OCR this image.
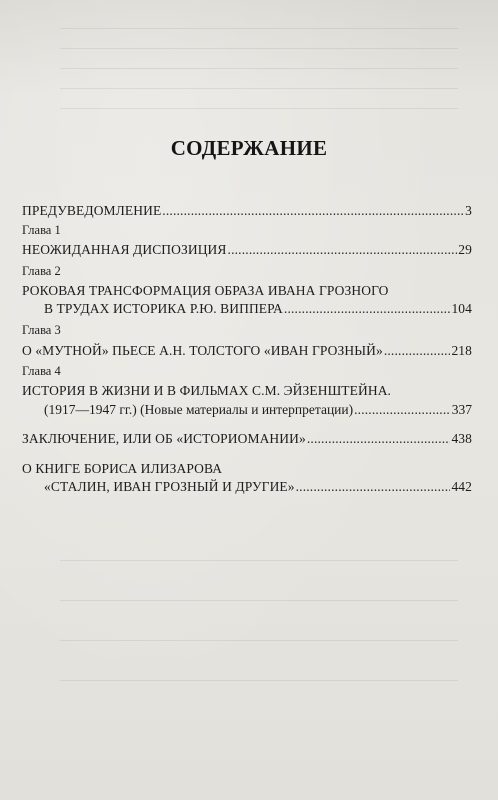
СОДЕРЖАНИЕ
ПРЕДУВЕДОМЛЕНИЕ . . .	3
Глава 1
НЕОЖИДАННАЯ ДИСПОЗИЦИЯ . . .	29
Глава 2
РОКОВАЯ ТРАНСФОРМАЦИЯ ОБРАЗА ИВАНА ГРОЗНОГО
В ТРУДАХ ИСТОРИКА Р.Ю. ВИППЕРА . . .	104
Глава 3
О «МУТНОЙ» ПЬЕСЕ А.Н. ТОЛСТОГО «ИВАН ГРОЗНЫЙ» . . .	218
Глава 4
ИСТОРИЯ В ЖИЗНИ И В ФИЛЬМАХ С.М. ЭЙЗЕНШТЕЙНА.
(1917—1947 гг.) (Новые материалы и интерпретации) . . .	337
ЗАКЛЮЧЕНИЕ, ИЛИ ОБ «ИСТОРИОМАНИИ» . . .	438
О КНИГЕ БОРИСА ИЛИЗАРОВА
«СТАЛИН, ИВАН ГРОЗНЫЙ И ДРУГИЕ» . . .	442
